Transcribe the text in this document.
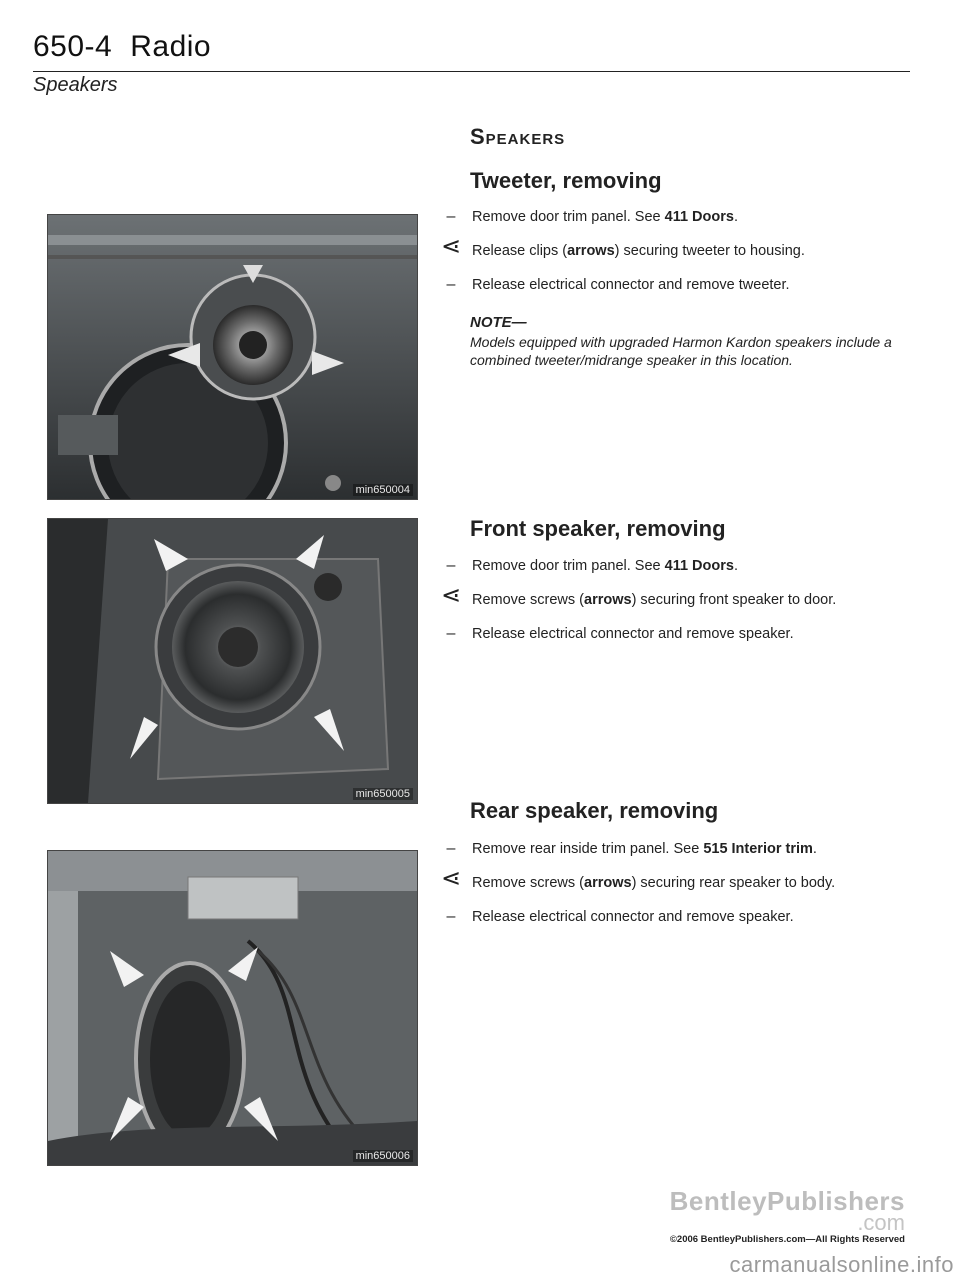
650-4 Radio
Speakers
Speakers
Tweeter, removing
–	Remove door trim panel. See 411 Doors.
⋖ Release clips (arrows) securing tweeter to housing.
–	Release electrical connector and remove tweeter.
NOTE—
Models equipped with upgraded Harmon Kardon speakers include a combined tweeter/midrange speaker in this location.
min650004
Front speaker, removing
–	Remove door trim panel. See 411 Doors.
⋖ Remove screws (arrows) securing front speaker to door.
–	Release electrical connector and remove speaker.
min650005
Rear speaker, removing
–	Remove rear inside trim panel. See 515 Interior trim.
⋖ Remove screws (arrows) securing rear speaker to body.
–	Release electrical connector and remove speaker.
min650006
BentleyPublishers
.com
©2006 BentleyPublishers.com—All Rights Reserved
carmanualsonline.info
